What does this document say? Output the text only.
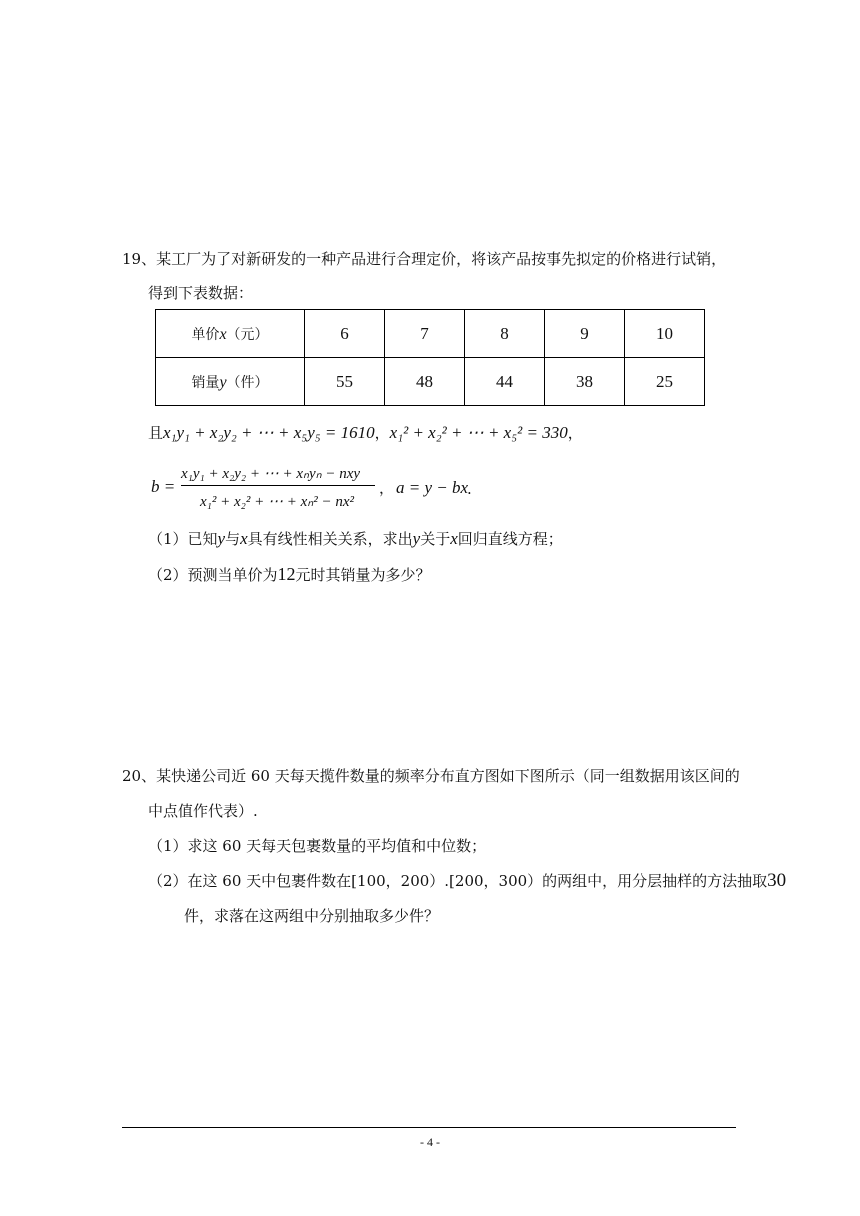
19、某工厂为了对新研发的一种产品进行合理定价，将该产品按事先拟定的价格进行试销，
得到下表数据：
单价x（元）	6	7	8	9	10
销量y（件）	55	48	44	38	25
且x₁y₁ + x₂y₂ + ⋯ + x₅y₅ = 1610，x₁² + x₂² + ⋯ + x₅² = 330，
b =
x₁y₁ + x₂y₂ + ⋯ + xₙyₙ − nxy
x₁² + x₂² + ⋯ + xₙ² − nx²
， a = y − bx
.
（1）已知y与x具有线性相关关系，求出y关于x回归直线方程；
（2）预测当单价为12元时其销量为多少？
20、某快递公司近 60 天每天揽件数量的频率分布直方图如下图所示（同一组数据用该区间的
中点值作代表）.
（1）求这 60 天每天包裹数量的平均值和中位数；
（2）在这 60 天中包裹件数在[100，200）.[200，300）的两组中，用分层抽样的方法抽取30
件，求落在这两组中分别抽取多少件？
- 4 -
